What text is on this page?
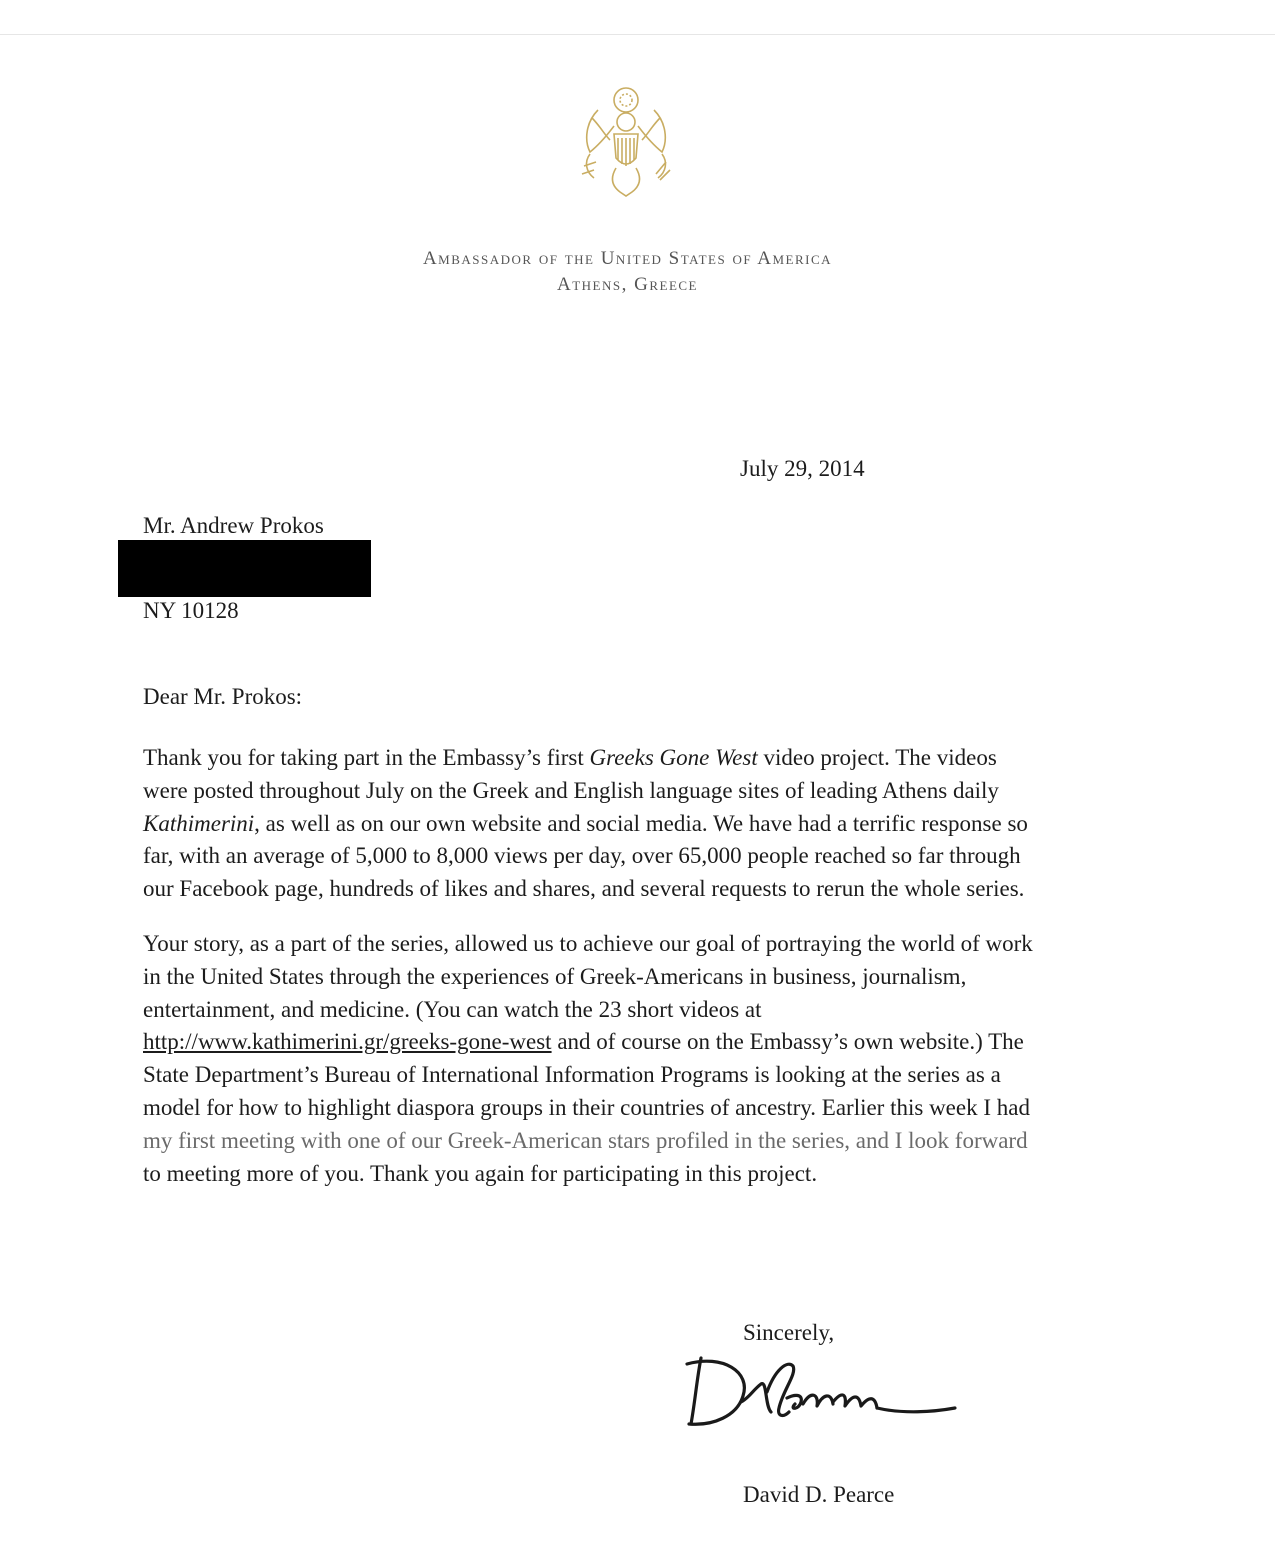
Ambassador of the United States of America
Athens, Greece
July 29, 2014
Mr. Andrew Prokos
NY 10128
Dear Mr. Prokos:
Thank you for taking part in the Embassy’s first Greeks Gone West video project. The videos
were posted throughout July on the Greek and English language sites of leading Athens daily
Kathimerini, as well as on our own website and social media. We have had a terrific response so
far, with an average of 5,000 to 8,000 views per day, over 65,000 people reached so far through
our Facebook page, hundreds of likes and shares, and several requests to rerun the whole series.
Your story, as a part of the series, allowed us to achieve our goal of portraying the world of work
in the United States through the experiences of Greek-Americans in business, journalism,
entertainment, and medicine. (You can watch the 23 short videos at
http://www.kathimerini.gr/greeks-gone-west and of course on the Embassy’s own website.) The
State Department’s Bureau of International Information Programs is looking at the series as a
model for how to highlight diaspora groups in their countries of ancestry. Earlier this week I had
my first meeting with one of our Greek-American stars profiled in the series, and I look forward
to meeting more of you. Thank you again for participating in this project.
Sincerely,
David D. Pearce
